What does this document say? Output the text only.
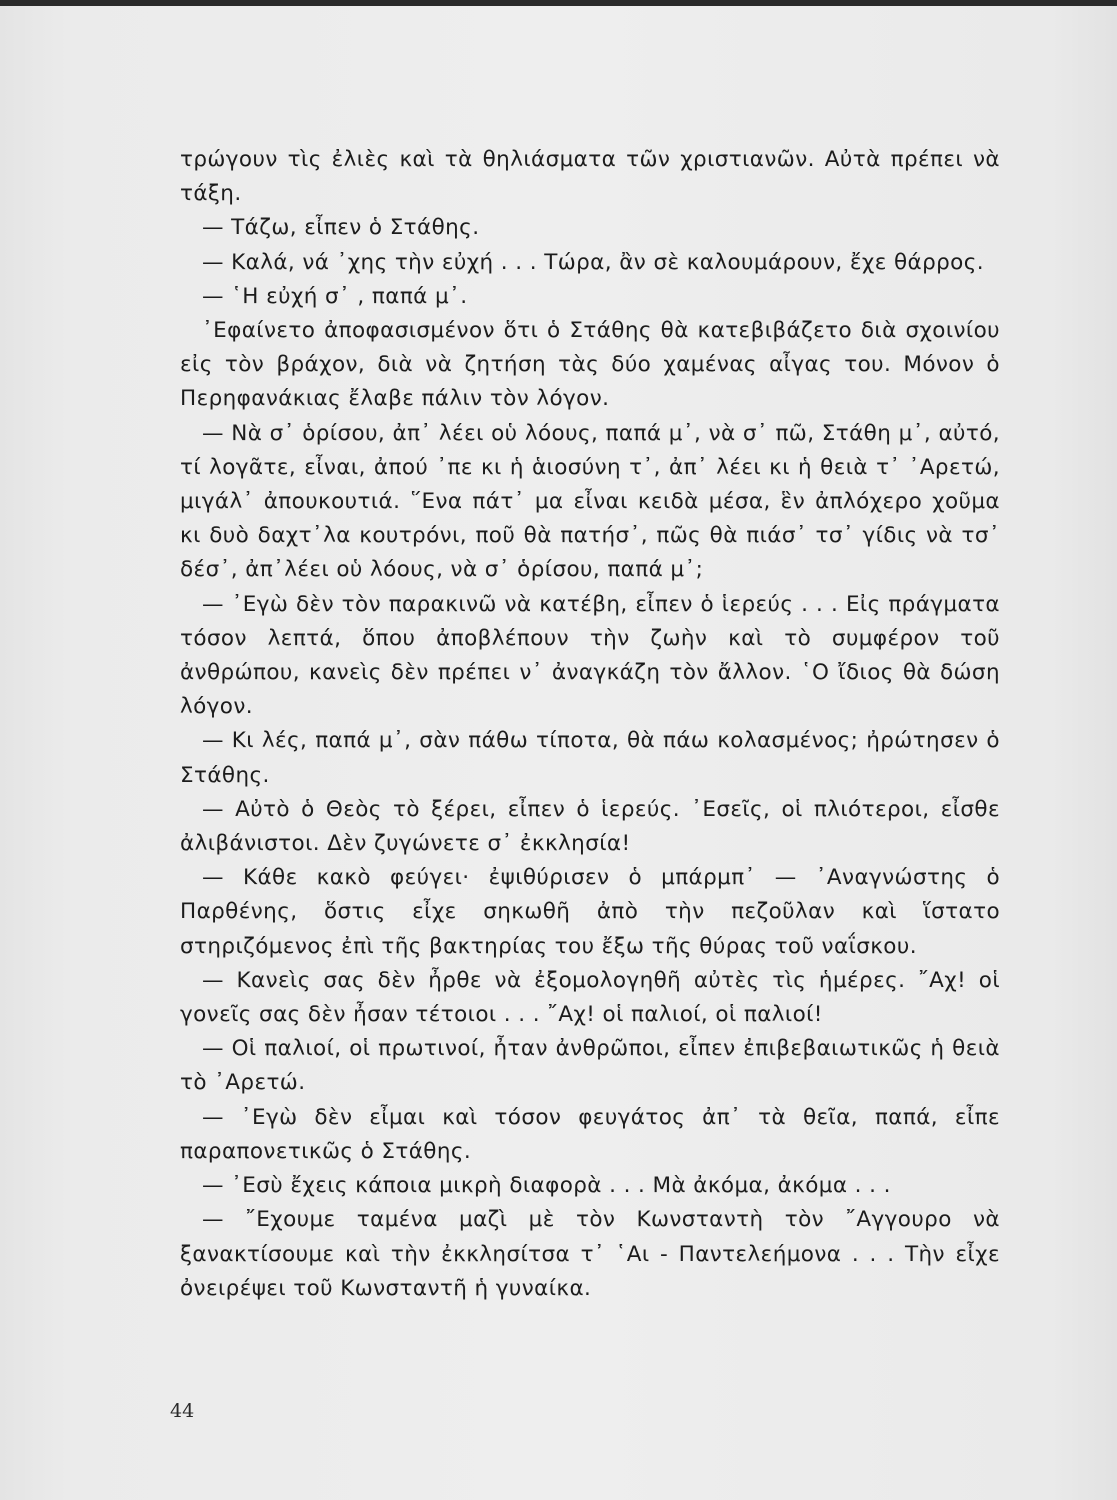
τρώγουν τὶς ἐλιὲς καὶ τὰ θηλιάσματα τῶν χριστιανῶν. Αὐτὰ πρέπει νὰ τάξη.

— Τάζω, εἶπεν ὁ Στάθης.

— Καλά, νά ᾽χης τὴν εὐχή . . . Τώρα, ἂν σὲ καλουμάρουν, ἔχε θάρρος.

— ῾Η εὐχή σ᾽ , παπά μ᾽.

᾽Εφαίνετο ἀποφασισμένον ὅτι ὁ Στάθης θὰ κατεβιβάζετο διὰ σχοινίου εἰς τὸν βράχον, διὰ νὰ ζητήση τὰς δύο χαμένας αἶγας του. Μόνον ὁ Περηφανάκιας ἔλαβε πάλιν τὸν λόγον.

— Νὰ σ᾽ ὁρίσου, ἀπ᾽ λέει οὑ λόους, παπά μ᾽, νὰ σ᾽ πῶ, Στάθη μ᾽, αὐτό, τί λογᾶτε, εἶναι, ἀπού ᾽πε κι ἡ ἁιοσύνη τ᾽, ἀπ᾽ λέει κι ἡ θειὰ τ᾽ ᾽Αρετώ, μιγάλ᾽ ἀπουκουτιά. ῞Ενα πάτ᾽ μα εἶναι κειδὰ μέσα, ἓν ἀπλόχερο χοῦμα κι δυὸ δαχτ᾽λα κουτρόνι, ποῦ θὰ πατήσ᾽, πῶς θὰ πιάσ᾽ τσ᾽ γίδις νὰ τσ᾽ δέσ᾽, ἀπ᾽λέει οὑ λόους, νὰ σ᾽ ὁρίσου, παπά μ᾽;

— ᾽Εγὼ δὲν τὸν παρακινῶ νὰ κατέβη, εἶπεν ὁ ἱερεύς . . . Εἰς πράγματα τόσον λεπτά, ὅπου ἀποβλέπουν τὴν ζωὴν καὶ τὸ συμφέρον τοῦ ἀνθρώπου, κανεὶς δὲν πρέπει ν᾽ ἀναγκάζη τὸν ἄλλον. ῾Ο ἴδιος θὰ δώση λόγον.

— Κι λές, παπά μ᾽, σὰν πάθω τίποτα, θὰ πάω κολασμένος; ἠρώτησεν ὁ Στάθης.

— Αὐτὸ ὁ Θεὸς τὸ ξέρει, εἶπεν ὁ ἱερεύς. ᾽Εσεῖς, οἱ πλιότεροι, εἶσθε ἀλιβάνιστοι. Δὲν ζυγώνετε σ᾽ ἐκκλησία!

— Κάθε κακὸ φεύγει· ἐψιθύρισεν ὁ μπάρμπ᾽ — ᾽Αναγνώστης ὁ Παρθένης, ὅστις εἶχε σηκωθῆ ἀπὸ τὴν πεζοῦλαν καὶ ἵστατο στηριζόμενος ἐπὶ τῆς βακτηρίας του ἔξω τῆς θύρας τοῦ ναΐσκου.

— Κανεὶς σας δὲν ἦρθε νὰ ἐξομολογηθῆ αὐτὲς τὶς ἡμέρες. ῎Αχ! οἱ γονεῖς σας δὲν ἦσαν τέτοιοι . . . ῎Αχ! οἱ παλιοί, οἱ παλιοί!

— Οἱ παλιοί, οἱ πρωτινοί, ἦταν ἀνθρῶποι, εἶπεν ἐπιβεβαιωτικῶς ἡ θειὰ τὸ ᾽Αρετώ.

— ᾽Εγὼ δὲν εἶμαι καὶ τόσον φευγάτος ἀπ᾽ τὰ θεῖα, παπά, εἶπε παραπονετικῶς ὁ Στάθης.

— ᾽Εσὺ ἔχεις κάποια μικρὴ διαφορὰ . . . Μὰ ἀκόμα, ἀκόμα . . .

— ῎Εχουμε ταμένα μαζὶ μὲ τὸν Κωνσταντὴ τὸν ῎Αγγουρο νὰ ξανακτίσουμε καὶ τὴν ἐκκλησίτσα τ᾽ ῾Αι - Παντελεήμονα . . . Τὴν εἶχε ὀνειρέψει τοῦ Κωνσταντῆ ἡ γυναίκα.

44
